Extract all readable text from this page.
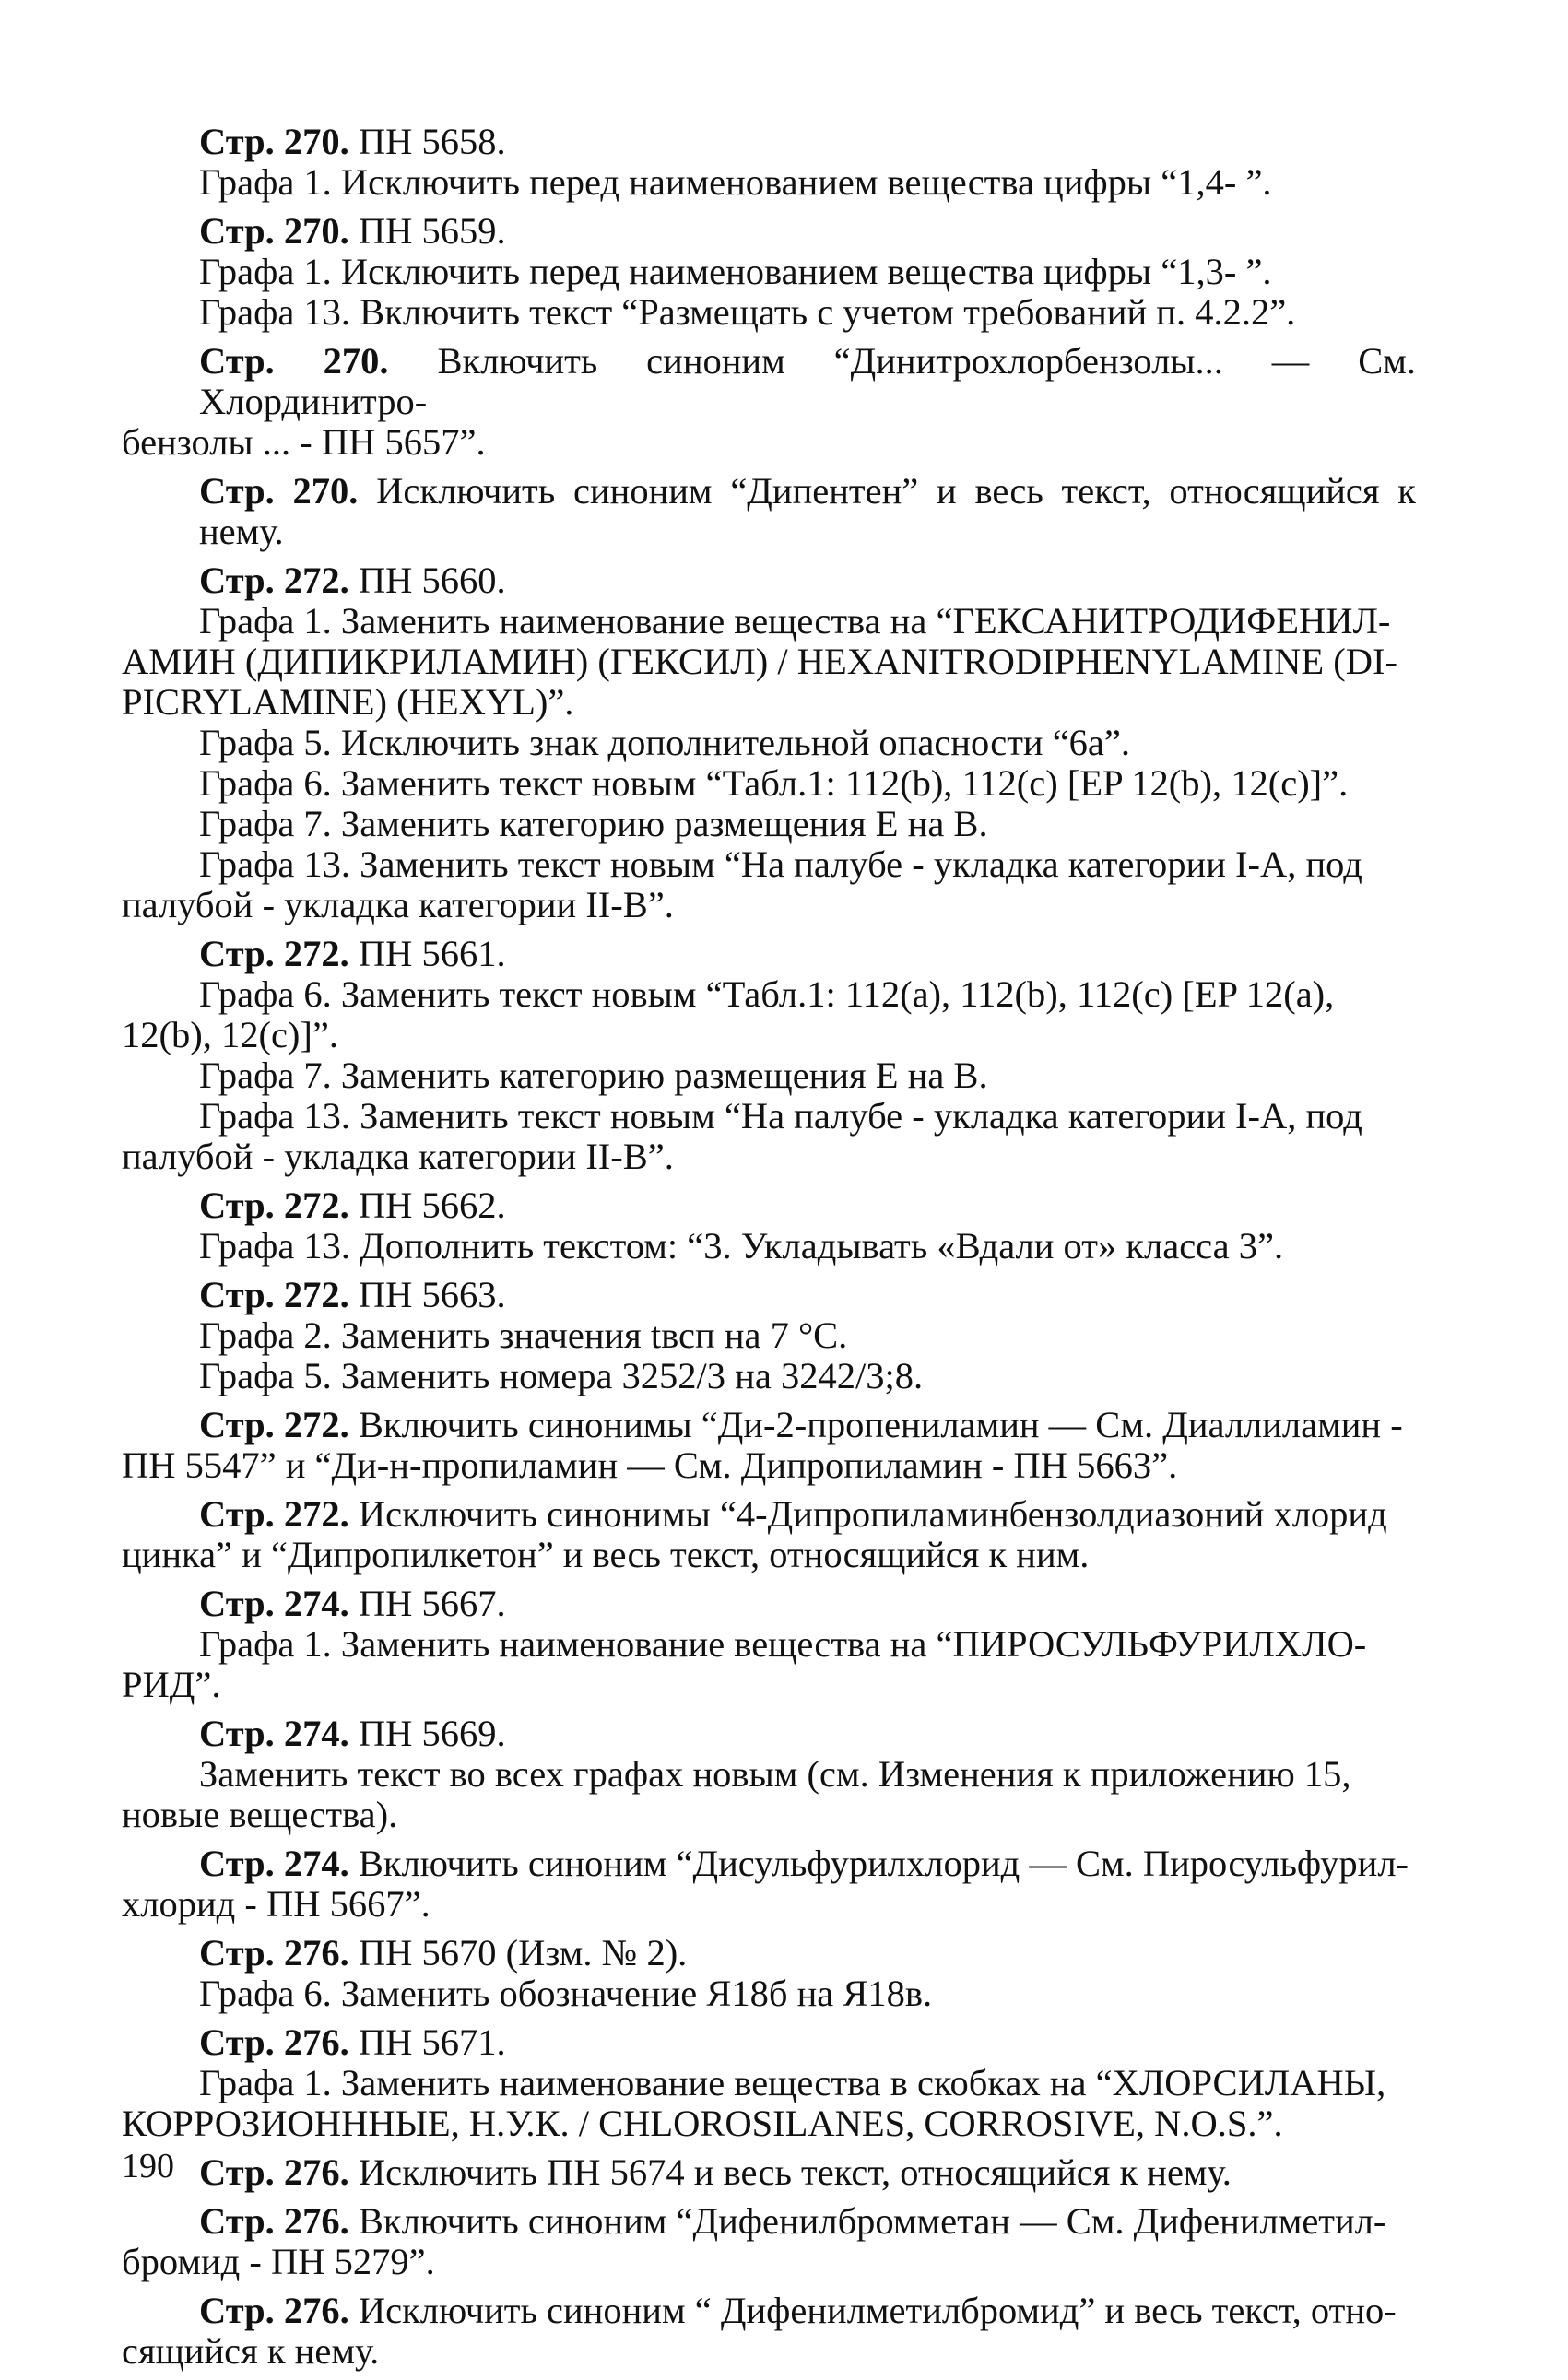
Стр. 270. ПН 5658.
Графа 1. Исключить перед наименованием вещества цифры “1,4- ”.
Стр. 270. ПН 5659.
Графа 1. Исключить перед наименованием вещества цифры “1,3- ”.
Графа 13. Включить текст “Размещать с учетом требований п. 4.2.2”.
Стр. 270. Включить синоним “Динитрохлорбензолы... — См. Хлординитро-
бензолы ... - ПН 5657”.
Стр. 270. Исключить синоним “Дипентен” и весь текст, относящийся к нему.
Стр. 272. ПН 5660.
Графа 1. Заменить наименование вещества на “ГЕКСАНИТРОДИФЕНИЛ-
АМИН (ДИПИКРИЛАМИН) (ГЕКСИЛ) / HEXANITRODIPHENYLAMINE (DI-
PICRYLAMINE) (HEXYL)”.
Графа 5. Исключить знак дополнительной опасности “6a”.
Графа 6. Заменить текст новым “Табл.1: 112(b), 112(c) [EP 12(b), 12(c)]”.
Графа 7. Заменить категорию размещения E на B.
Графа 13. Заменить текст новым “На палубе - укладка категории I-A, под
палубой - укладка категории II-B”.
Стр. 272. ПН 5661.
Графа 6. Заменить текст новым “Табл.1: 112(a), 112(b), 112(c) [EP 12(a),
12(b), 12(c)]”.
Графа 7. Заменить категорию размещения E на B.
Графа 13. Заменить текст новым “На палубе - укладка категории I-A, под
палубой - укладка категории II-B”.
Стр. 272. ПН 5662.
Графа 13. Дополнить текстом: “3. Укладывать «Вдали от» класса 3”.
Стр. 272. ПН 5663.
Графа 2. Заменить значения tвсп на 7 °C.
Графа 5. Заменить номера 3252/3 на 3242/3;8.
Стр. 272. Включить синонимы “Ди-2-пропениламин — См. Диаллиламин -
ПН 5547” и “Ди-н-пропиламин — См. Дипропиламин - ПН 5663”.
Стр. 272. Исключить синонимы “4-Дипропиламинбензолдиазоний хлорид
цинка” и “Дипропилкетон” и весь текст, относящийся к ним.
Стр. 274. ПН 5667.
Графа 1. Заменить наименование вещества на “ПИРОСУЛЬФУРИЛХЛО-
РИД”.
Стр. 274. ПН 5669.
Заменить текст во всех графах новым (см. Изменения к приложению 15,
новые вещества).
Стр. 274. Включить синоним “Дисульфурилхлорид — См. Пиросульфурил-
хлорид - ПН 5667”.
Стр. 276. ПН 5670 (Изм. № 2).
Графа 6. Заменить обозначение Я18б на Я18в.
Стр. 276. ПН 5671.
Графа 1. Заменить наименование вещества в скобках на “ХЛОРСИЛАНЫ,
КОРРОЗИОНННЫЕ, Н.У.К. / CHLOROSILANES, CORROSIVE, N.O.S.”.
Стр. 276. Исключить ПН 5674 и весь текст, относящийся к нему.
Стр. 276. Включить синоним “Дифенилбромметан — См. Дифенилметил-
бромид - ПН 5279”.
Стр. 276. Исключить синоним “ Дифенилметилбромид” и весь текст, отно-
сящийся к нему.
190
